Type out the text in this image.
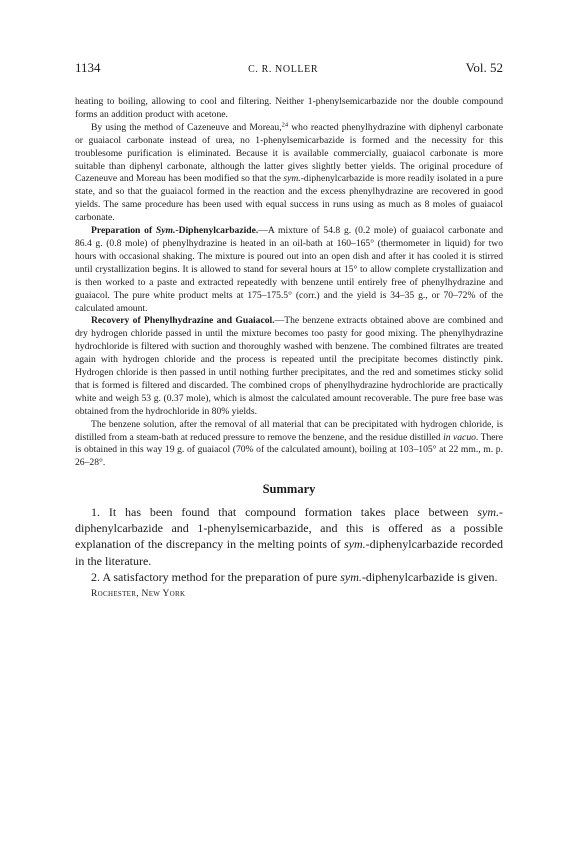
1134	C. R. NOLLER	Vol. 52

heating to boiling, allowing to cool and filtering. Neither 1-phenylsemicarbazide nor the double compound forms an addition product with acetone.

By using the method of Cazeneuve and Moreau,$^{24}$ who reacted phenylhydrazine with diphenyl carbonate or guaiacol carbonate instead of urea, no 1-phenylsemicarbazide is formed and the necessity for this troublesome purification is eliminated. Because it is available commercially, guaiacol carbonate is more suitable than diphenyl carbonate, although the latter gives slightly better yields. The original procedure of Cazeneuve and Moreau has been modified so that the sym.-diphenylcarbazide is more readily isolated in a pure state, and so that the guaiacol formed in the reaction and the excess phenylhydrazine are recovered in good yields. The same procedure has been used with equal success in runs using as much as 8 moles of guaiacol carbonate.

Preparation of Sym.-Diphenylcarbazide.—A mixture of 54.8 g. (0.2 mole) of guaiacol carbonate and 86.4 g. (0.8 mole) of phenylhydrazine is heated in an oil-bath at 160–165° (thermometer in liquid) for two hours with occasional shaking. The mixture is poured out into an open dish and after it has cooled it is stirred until crystallization begins. It is allowed to stand for several hours at 15° to allow complete crystallization and is then worked to a paste and extracted repeatedly with benzene until entirely free of phenylhydrazine and guaiacol. The pure white product melts at 175–175.5° (corr.) and the yield is 34–35 g., or 70–72% of the calculated amount.

Recovery of Phenylhydrazine and Guaiacol.—The benzene extracts obtained above are combined and dry hydrogen chloride passed in until the mixture becomes too pasty for good mixing. The phenylhydrazine hydrochloride is filtered with suction and thoroughly washed with benzene. The combined filtrates are treated again with hydrogen chloride and the process is repeated until the precipitate becomes distinctly pink. Hydrogen chloride is then passed in until nothing further precipitates, and the red and sometimes sticky solid that is formed is filtered and discarded. The combined crops of phenylhydrazine hydrochloride are practically white and weigh 53 g. (0.37 mole), which is almost the calculated amount recoverable. The pure free base was obtained from the hydrochloride in 80% yields.

The benzene solution, after the removal of all material that can be precipitated with hydrogen chloride, is distilled from a steam-bath at reduced pressure to remove the benzene, and the residue distilled in vacuo. There is obtained in this way 19 g. of guaiacol (70% of the calculated amount), boiling at 103–105° at 22 mm., m. p. 26–28°.

Summary

1. It has been found that compound formation takes place between sym.-diphenylcarbazide and 1-phenylsemicarbazide, and this is offered as a possible explanation of the discrepancy in the melting points of sym.-diphenylcarbazide recorded in the literature.

2. A satisfactory method for the preparation of pure sym.-diphenylcarbazide is given.

Rochester, New York
